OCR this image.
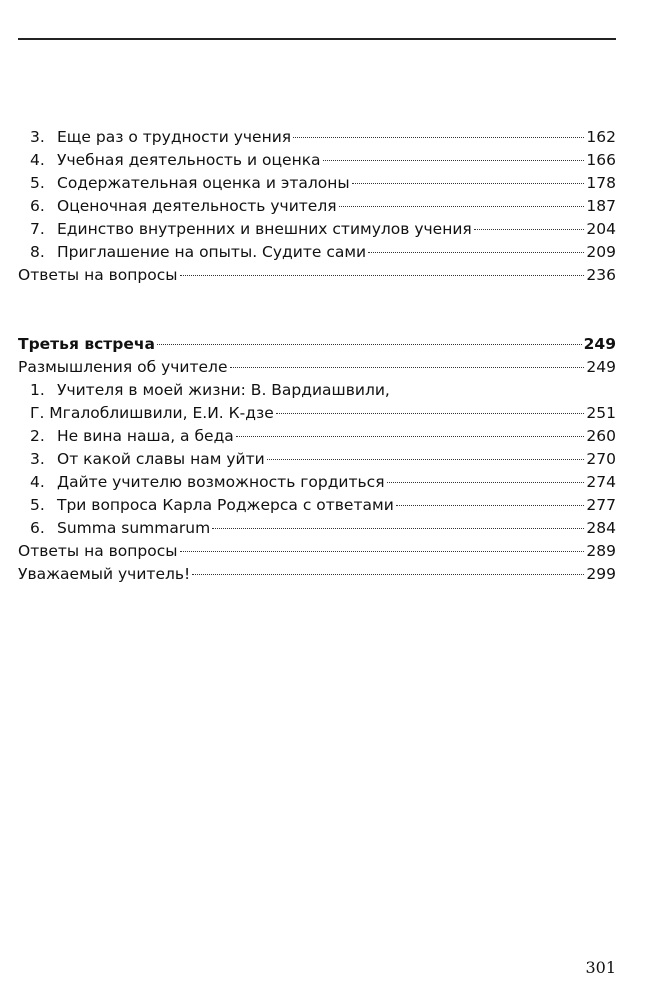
3. Еще раз о трудности учения	162
4. Учебная деятельность и оценка	166
5. Содержательная оценка и эталоны	178
6. Оценочная деятельность учителя	187
7. Единство внутренних и внешних стимулов учения	204
8. Приглашение на опыты. Судите сами	209
Ответы на вопросы	236
Третья встреча	249
Размышления об учителе	249
1. Учителя в моей жизни: В. Вардиашвили,
Г. Мгалоблишвили, Е.И. К-дзе	251
2. Не вина наша, а беда	260
3. От какой славы нам уйти	270
4. Дайте учителю возможность гордиться	274
5. Три вопроса Карла Роджерса с ответами	277
6. Summa summarum	284
Ответы на вопросы	289
Уважаемый учитель!	299
301
